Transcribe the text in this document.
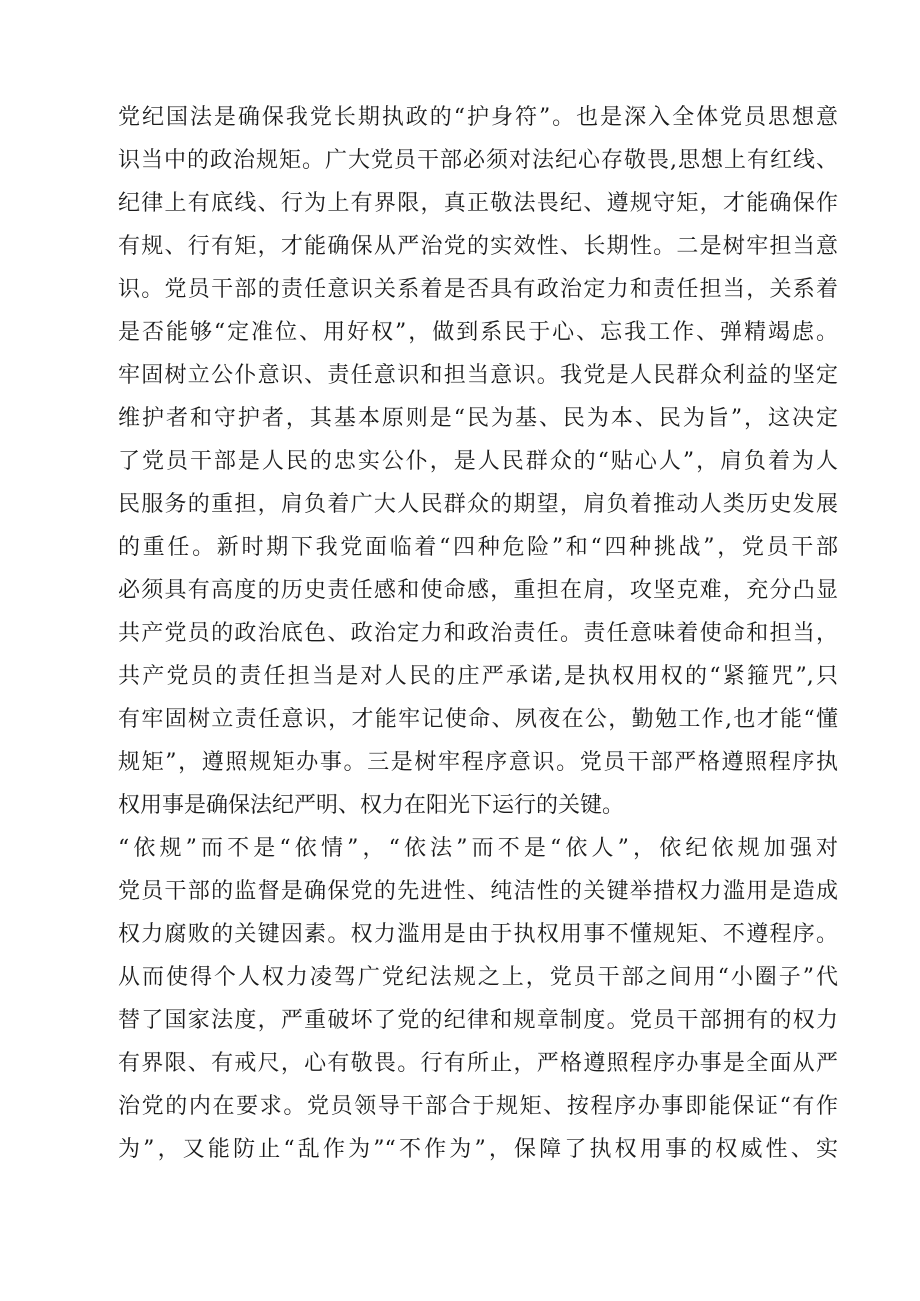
党纪国法是确保我党长期执政的“护身符”。也是深入全体党员思想意
识当中的政治规矩。广大党员干部必须对法纪心存敬畏,思想上有红线、
纪律上有底线、行为上有界限，真正敬法畏纪、遵规守矩，才能确保作
有规、行有矩，才能确保从严治党的实效性、长期性。二是树牢担当意
识。党员干部的责任意识关系着是否具有政治定力和责任担当，关系着
是否能够“定准位、用好权”，做到系民于心、忘我工作、弹精竭虑。
牢固树立公仆意识、责任意识和担当意识。我党是人民群众利益的坚定
维护者和守护者，其基本原则是“民为基、民为本、民为旨”，这决定
了党员干部是人民的忠实公仆，是人民群众的“贴心人”，肩负着为人
民服务的重担，肩负着广大人民群众的期望，肩负着推动人类历史发展
的重任。新时期下我党面临着“四种危险”和“四种挑战”，党员干部
必须具有高度的历史责任感和使命感，重担在肩，攻坚克难，充分凸显
共产党员的政治底色、政治定力和政治责任。责任意味着使命和担当，
共产党员的责任担当是对人民的庄严承诺,是执权用权的“紧箍咒”,只
有牢固树立责任意识，才能牢记使命、夙夜在公，勤勉工作,也才能“懂
规矩”，遵照规矩办事。三是树牢程序意识。党员干部严格遵照程序执
权用事是确保法纪严明、权力在阳光下运行的关键。
“依规”而不是“依情”，“依法”而不是“依人”，依纪依规加强对
党员干部的监督是确保党的先进性、纯洁性的关键举措权力滥用是造成
权力腐败的关键因素。权力滥用是由于执权用事不懂规矩、不遵程序。
从而使得个人权力凌驾广党纪法规之上，党员干部之间用“小圈子”代
替了国家法度，严重破坏了党的纪律和规章制度。党员干部拥有的权力
有界限、有戒尺，心有敬畏。行有所止，严格遵照程序办事是全面从严
治党的内在要求。党员领导干部合于规矩、按程序办事即能保证“有作
为”，又能防止“乱作为”“不作为”，保障了执权用事的权威性、实
